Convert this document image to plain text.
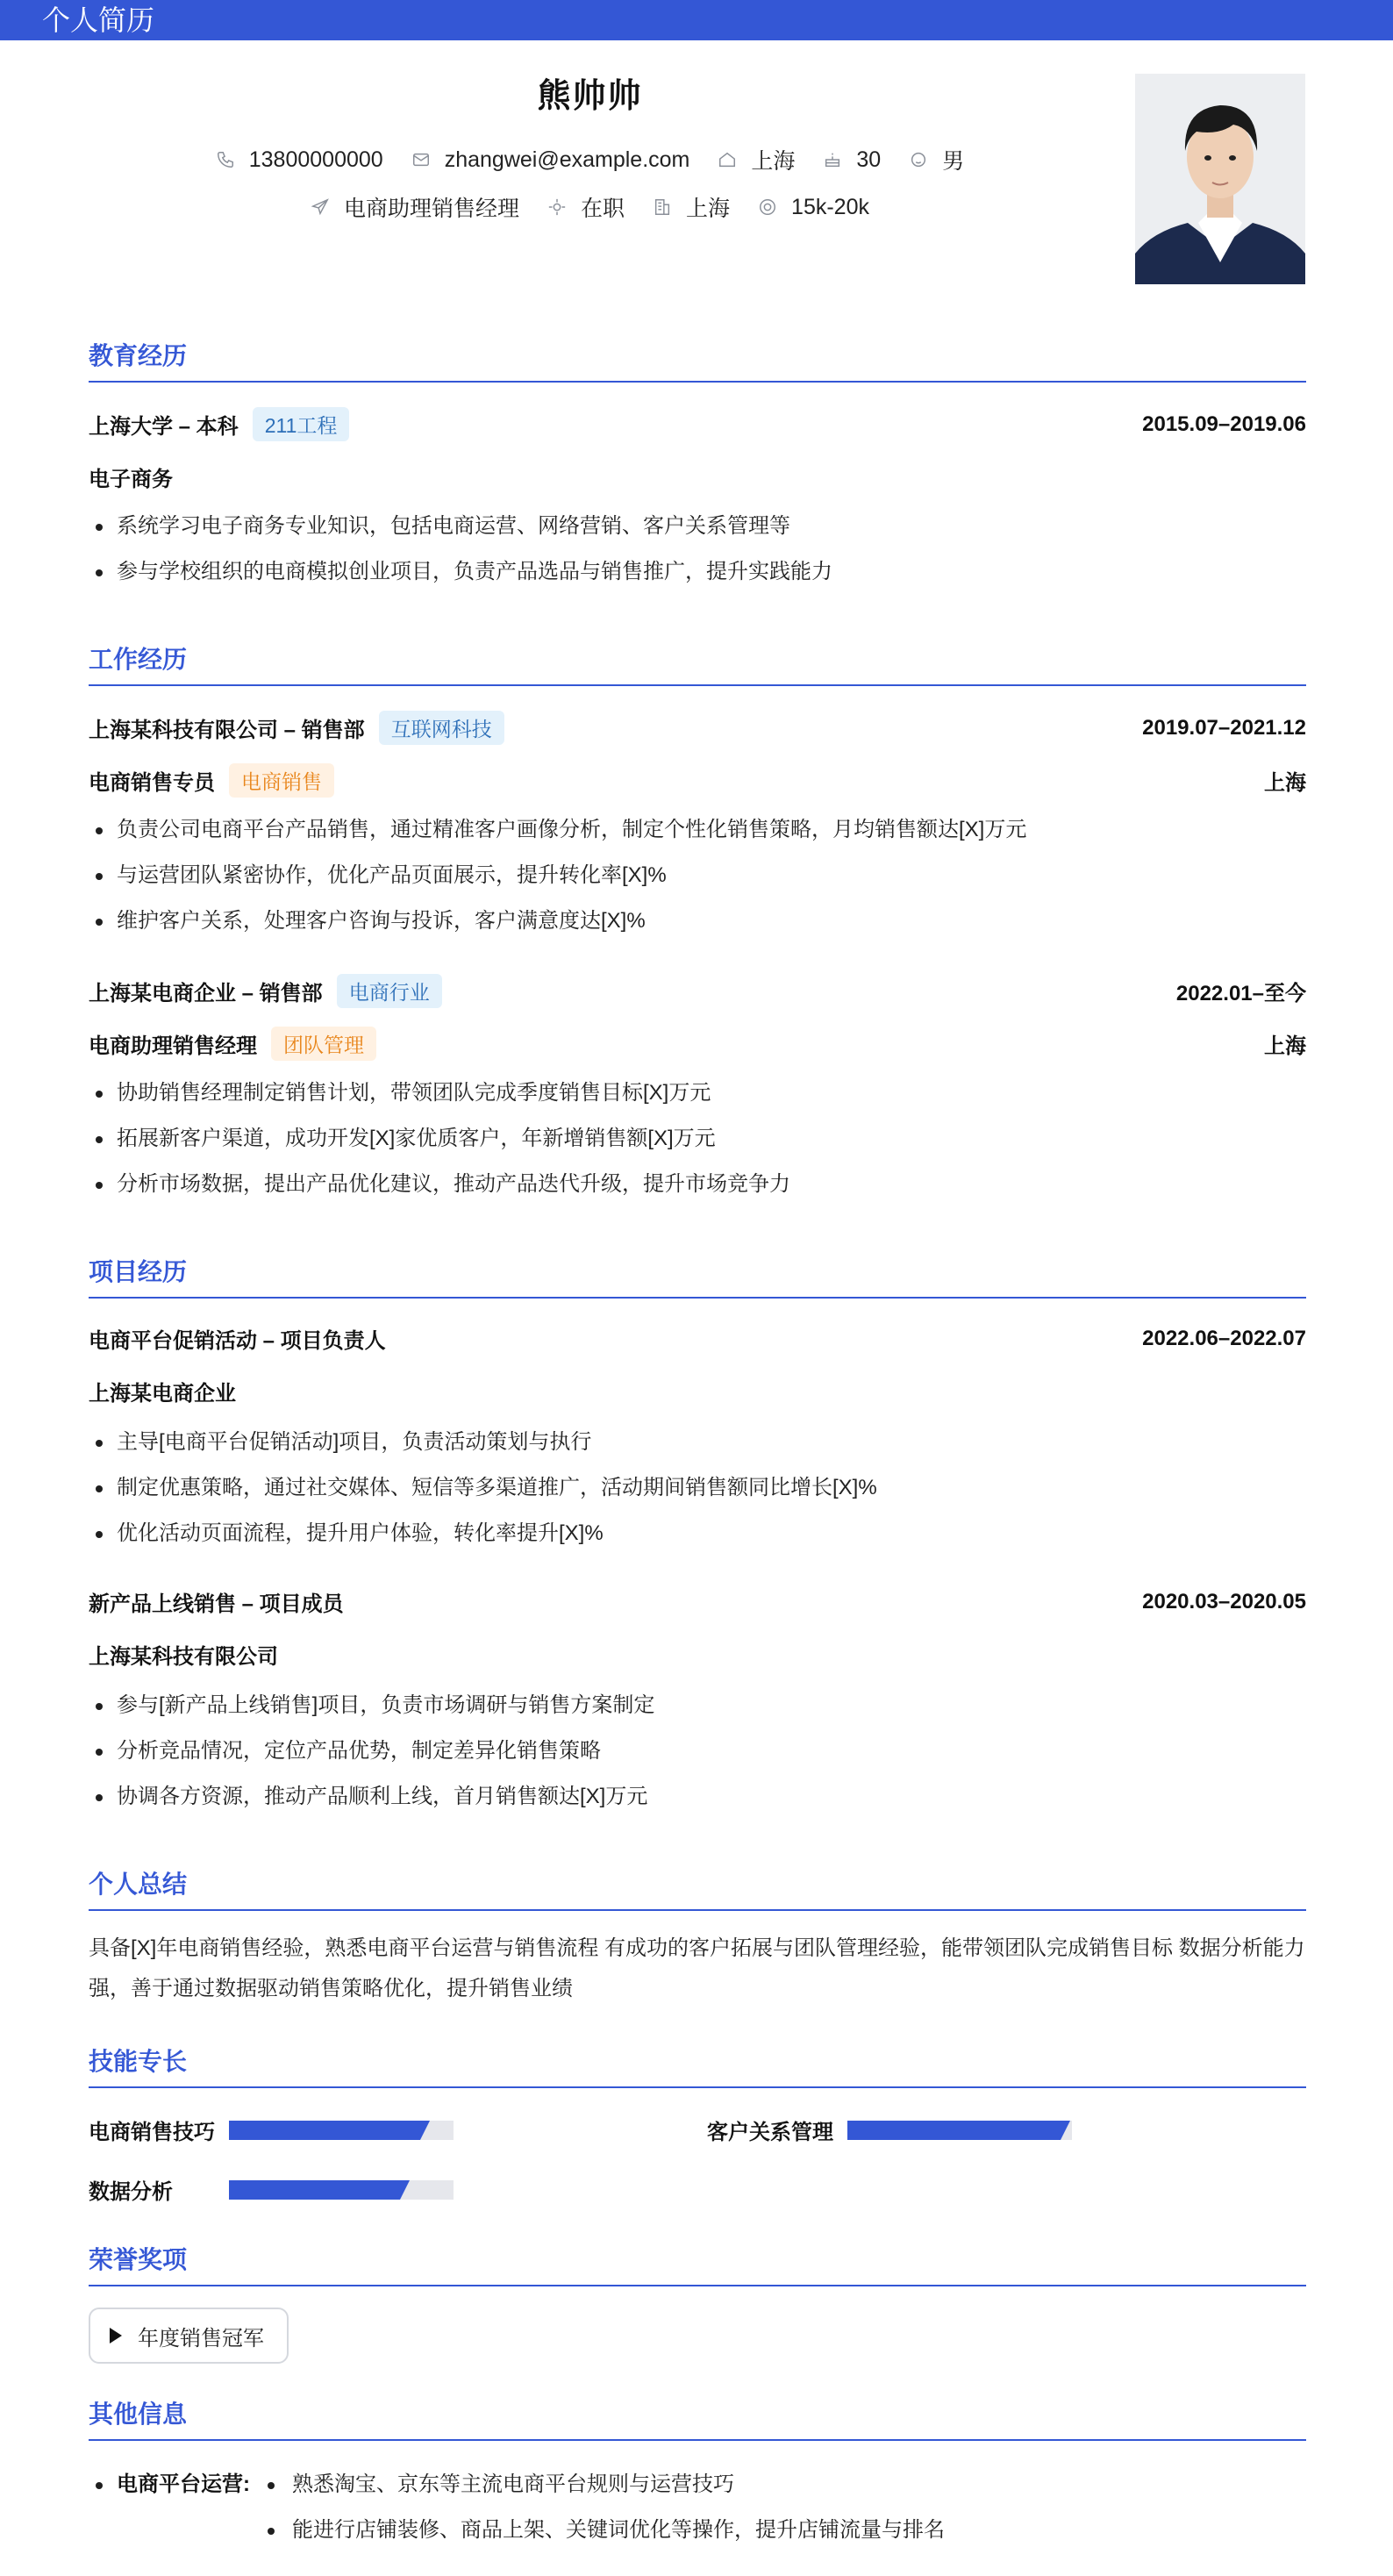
个人简历
熊帅帅
13800000000	zhangwei@example.com	上海	30	男
电商助理销售经理	在职	上海	15k-20k
教育经历
上海大学 – 本科	211工程	2015.09–2019.06
电子商务
系统学习电子商务专业知识，包括电商运营、网络营销、客户关系管理等
参与学校组织的电商模拟创业项目，负责产品选品与销售推广，提升实践能力
工作经历
上海某科技有限公司 – 销售部	互联网科技	2019.07–2021.12
电商销售专员	电商销售	上海
负责公司电商平台产品销售，通过精准客户画像分析，制定个性化销售策略，月均销售额达[X]万元
与运营团队紧密协作，优化产品页面展示，提升转化率[X]%
维护客户关系，处理客户咨询与投诉，客户满意度达[X]%
上海某电商企业 – 销售部	电商行业	2022.01–至今
电商助理销售经理	团队管理	上海
协助销售经理制定销售计划，带领团队完成季度销售目标[X]万元
拓展新客户渠道，成功开发[X]家优质客户，年新增销售额[X]万元
分析市场数据，提出产品优化建议，推动产品迭代升级，提升市场竞争力
项目经历
电商平台促销活动 – 项目负责人	2022.06–2022.07
上海某电商企业
主导[电商平台促销活动]项目，负责活动策划与执行
制定优惠策略，通过社交媒体、短信等多渠道推广，活动期间销售额同比增长[X]%
优化活动页面流程，提升用户体验，转化率提升[X]%
新产品上线销售 – 项目成员	2020.03–2020.05
上海某科技有限公司
参与[新产品上线销售]项目，负责市场调研与销售方案制定
分析竞品情况，定位产品优势，制定差异化销售策略
协调各方资源，推动产品顺利上线，首月销售额达[X]万元
个人总结
具备[X]年电商销售经验，熟悉电商平台运营与销售流程 有成功的客户拓展与团队管理经验，能带领团队完成销售目标 数据分析能力强，善于通过数据驱动销售策略优化，提升销售业绩
技能专长
电商销售技巧	客户关系管理
数据分析
荣誉奖项
年度销售冠军
其他信息
电商平台运营:	熟悉淘宝、京东等主流电商平台规则与运营技巧
能进行店铺装修、商品上架、关键词优化等操作，提升店铺流量与排名
